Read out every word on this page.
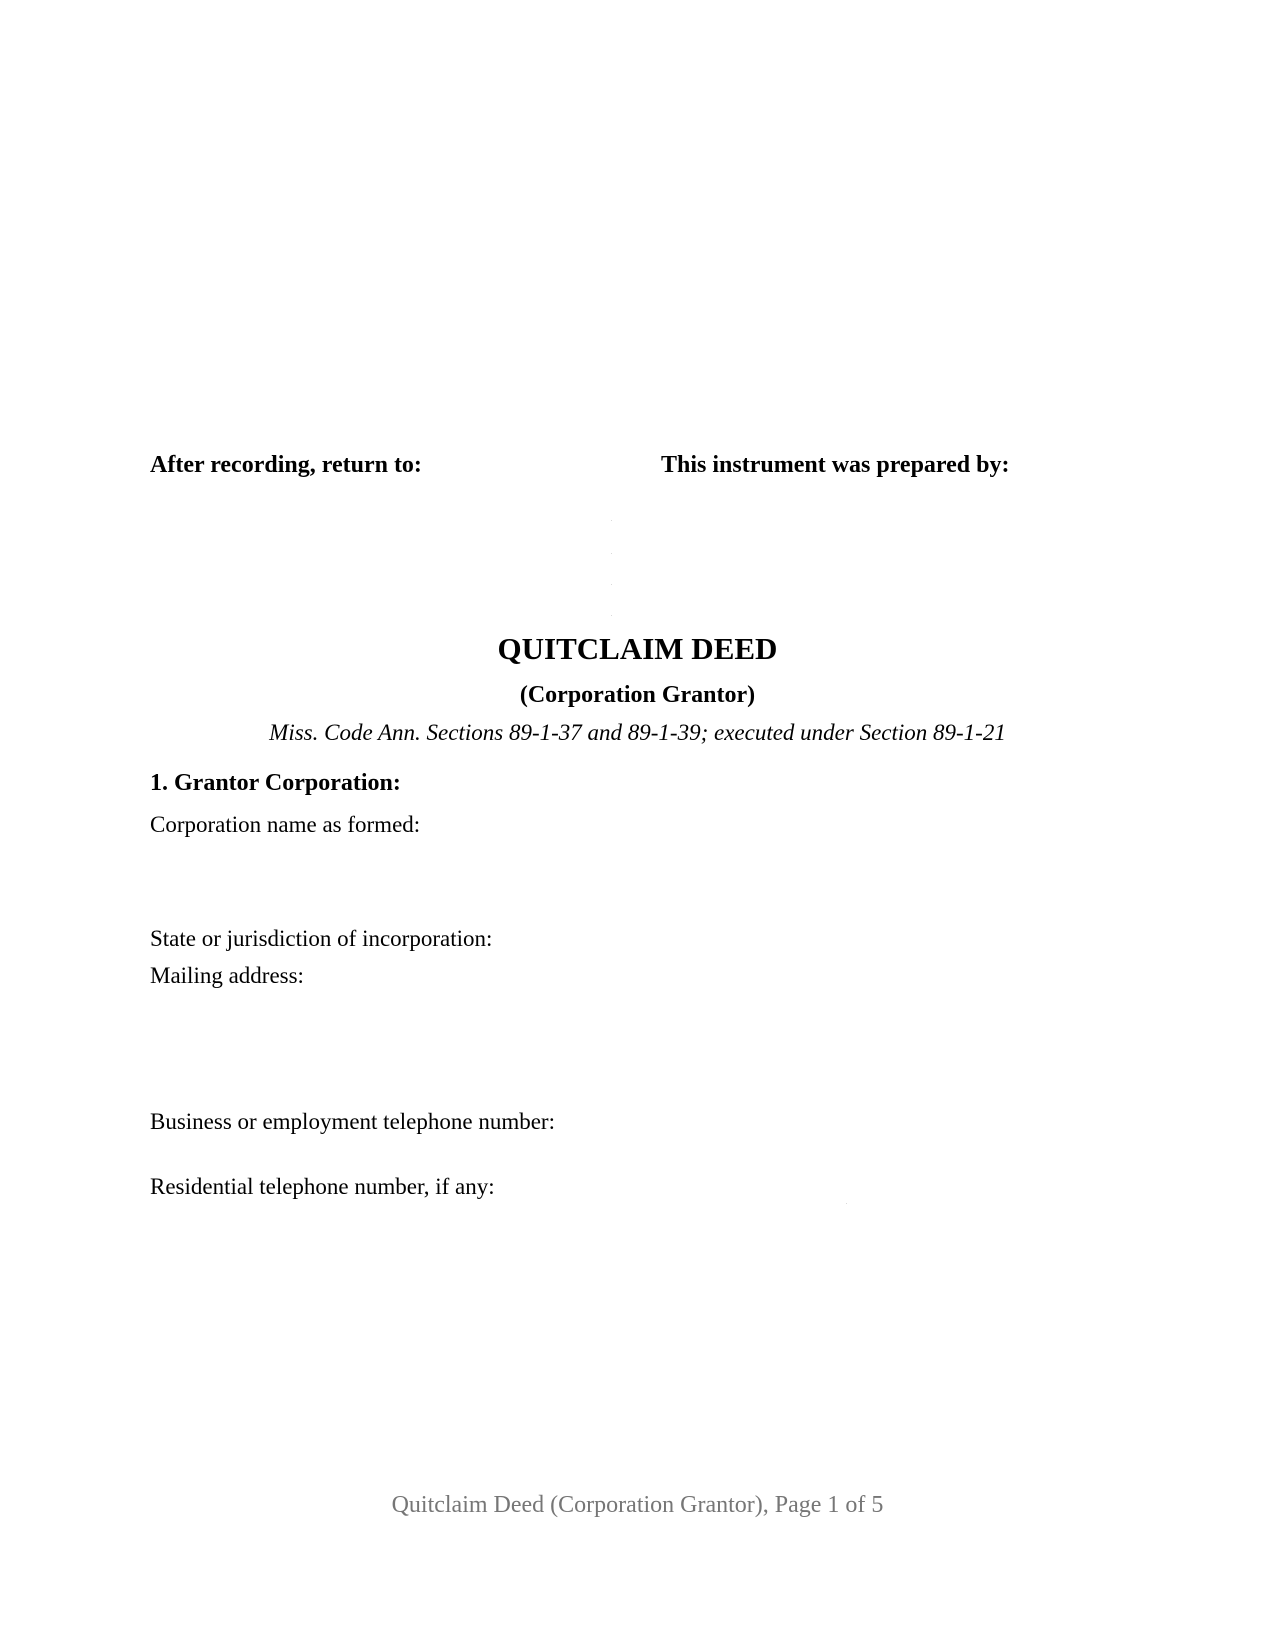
After recording, return to:	This instrument was prepared by:
QUITCLAIM DEED
(Corporation Grantor)
Miss. Code Ann. Sections 89-1-37 and 89-1-39; executed under Section 89-1-21
1. Grantor Corporation:
Corporation name as formed:
State or jurisdiction of incorporation:
Mailing address:
Business or employment telephone number:
Residential telephone number, if any:
Quitclaim Deed (Corporation Grantor), Page 1 of 5
